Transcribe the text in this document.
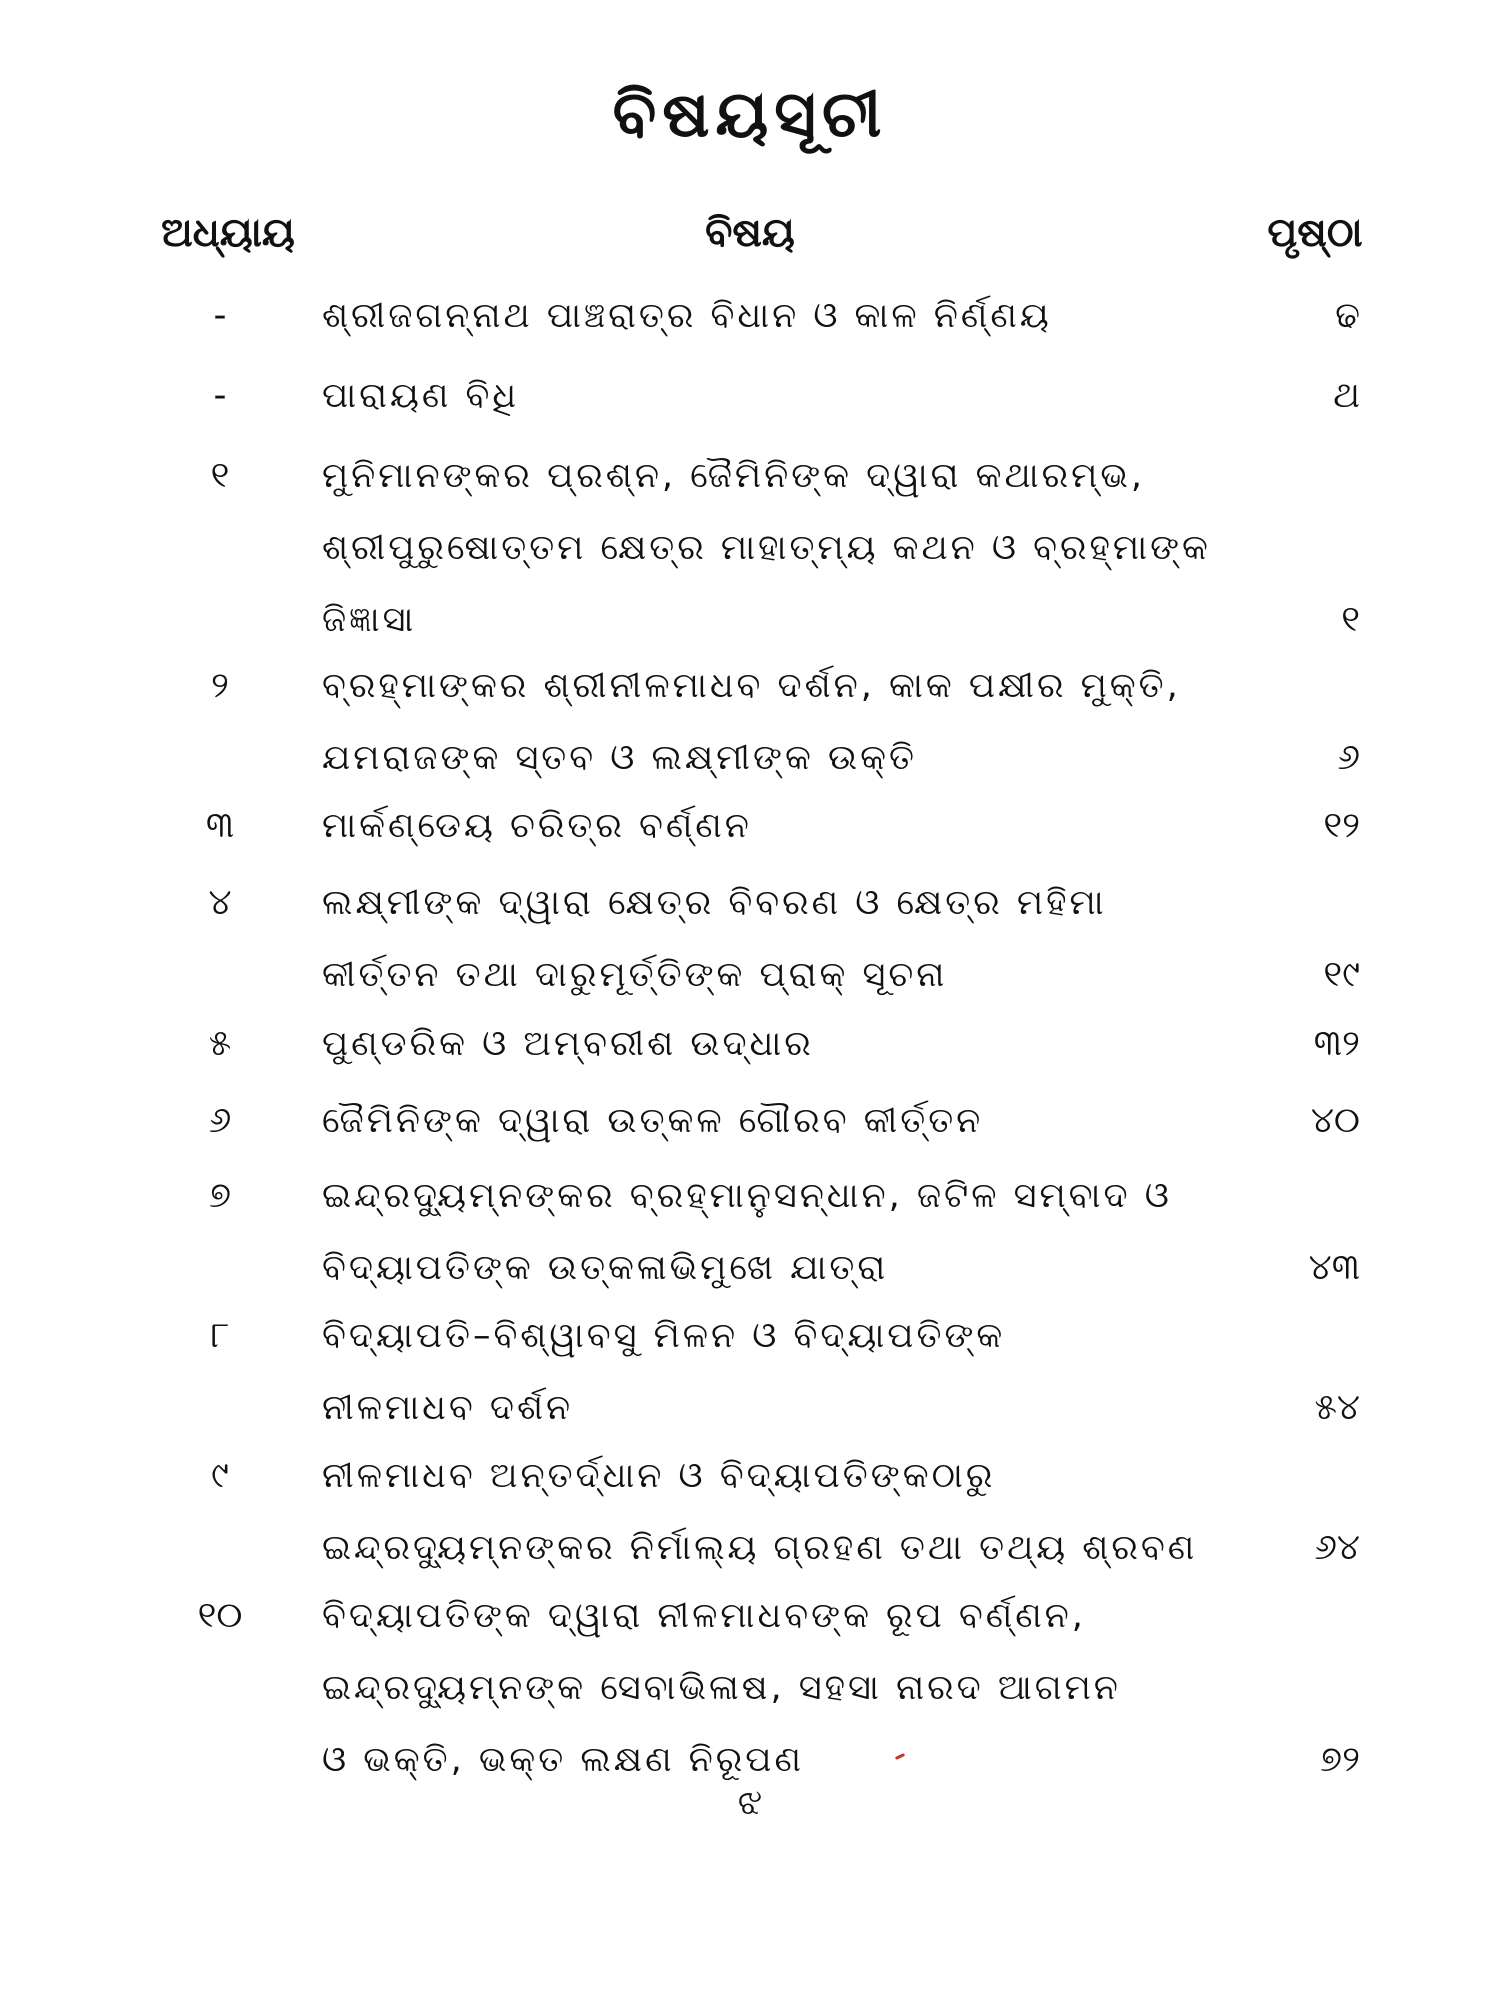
ବିଷୟସୂଚୀ
ଅଧ୍ୟାୟ	ବିଷୟ	ପୃଷ୍ଠା
-	ଶ୍ରୀଜଗନ୍ନାଥ ପାଞ୍ଚରାତ୍ର ବିଧାନ ଓ କାଳ ନିର୍ଣ୍ଣୟ	ଢ
-	ପାରାୟଣ ବିଧି	ଥ
୧	ମୁନିମାନଙ୍କର ପ୍ରଶ୍ନ, ଜୈମିନିଙ୍କ ଦ୍ୱାରା କଥାରମ୍ଭ,
ଶ୍ରୀପୁରୁଷୋତ୍ତମ କ୍ଷେତ୍ର ମାହାତ୍ମ୍ୟ କଥନ ଓ ବ୍ରହ୍ମାଙ୍କ
ଜିଜ୍ଞାସା	୧
୨	ବ୍ରହ୍ମାଙ୍କର ଶ୍ରୀନୀଳମାଧବ ଦର୍ଶନ, କାକ ପକ୍ଷୀର ମୁକ୍ତି,
ଯମରାଜଙ୍କ ସ୍ତବ ଓ ଲକ୍ଷ୍ମୀଙ୍କ ଉକ୍ତି	୬
୩	ମାର୍କଣ୍ଡେୟ ଚରିତ୍ର ବର୍ଣ୍ଣନ	୧୨
୪	ଲକ୍ଷ୍ମୀଙ୍କ ଦ୍ୱାରା କ୍ଷେତ୍ର ବିବରଣ ଓ କ୍ଷେତ୍ର ମହିମା
କୀର୍ତ୍ତନ ତଥା ଦାରୁମୂର୍ତ୍ତିଙ୍କ ପ୍ରାକ୍ ସୂଚନା	୧୯
୫	ପୁଣ୍ଡରିକ ଓ ଅମ୍ବରୀଶ ଉଦ୍ଧାର	୩୨
୬	ଜୈମିନିଙ୍କ ଦ୍ୱାରା ଉତ୍କଳ ଗୌରବ କୀର୍ତ୍ତନ	୪୦
୭	ଇନ୍ଦ୍ରଦ୍ୟୁମ୍ନଙ୍କର ବ୍ରହ୍ମାନୁସନ୍ଧାନ, ଜଟିଳ ସମ୍ବାଦ ଓ
ବିଦ୍ୟାପତିଙ୍କ ଉତ୍କଳାଭିମୁଖେ ଯାତ୍ରା	୪୩
୮	ବିଦ୍ୟାପତି–ବିଶ୍ୱାବସୁ ମିଳନ ଓ ବିଦ୍ୟାପତିଙ୍କ
ନୀଳମାଧବ ଦର୍ଶନ	୫୪
୯	ନୀଳମାଧବ ଅନ୍ତର୍ଦ୍ଧାନ ଓ ବିଦ୍ୟାପତିଙ୍କଠାରୁ
ଇନ୍ଦ୍ରଦ୍ୟୁମ୍ନଙ୍କର ନିର୍ମାଲ୍ୟ ଗ୍ରହଣ ତଥା ତଥ୍ୟ ଶ୍ରବଣ	୬୪
୧୦	ବିଦ୍ୟାପତିଙ୍କ ଦ୍ୱାରା ନୀଳମାଧବଙ୍କ ରୂପ ବର୍ଣ୍ଣନ,
ଇନ୍ଦ୍ରଦ୍ୟୁମ୍ନଙ୍କ ସେବାଭିଳାଷ, ସହସା ନାରଦ ଆଗମନ
ଓ ଭକ୍ତି, ଭକ୍ତ ଲକ୍ଷଣ ନିରୂପଣ	୭୨
ଝ
